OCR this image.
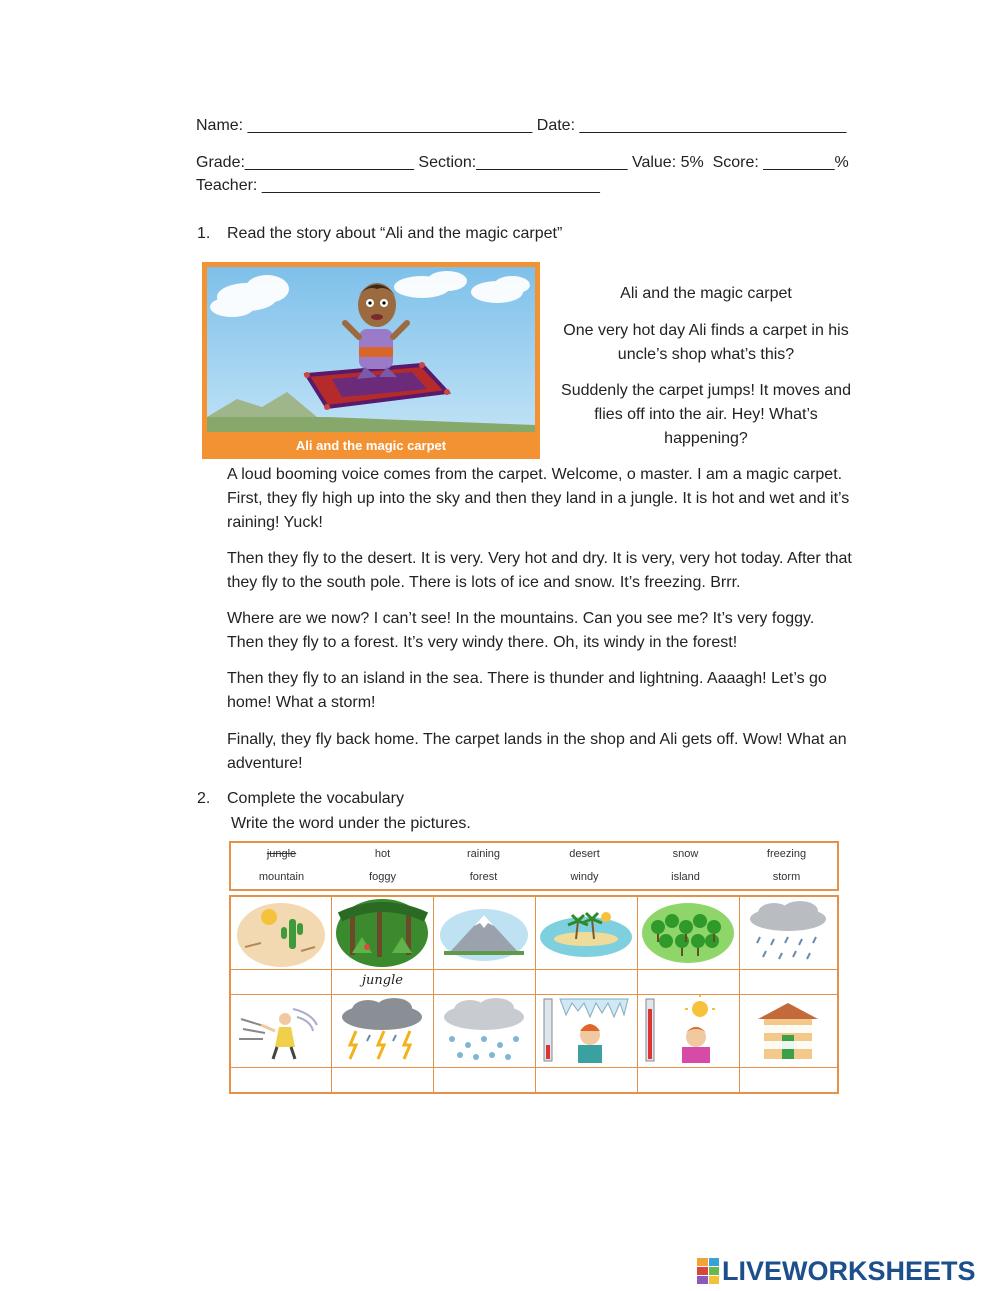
Name: ________________________________ Date: ______________________________
Grade:___________________ Section:_________________ Value: 5%  Score: ________%
Teacher: ______________________________________
1. Read the story about “Ali and the magic carpet”
Ali and the magic carpet
Ali and the magic carpet
One very hot day Ali finds a carpet in his uncle’s shop what’s this?
Suddenly the carpet jumps! It moves and flies off into the air. Hey! What’s happening?
A loud booming voice comes from the carpet. Welcome, o master. I am a magic carpet. First, they fly high up into the sky and then they land in a jungle. It is hot and wet and it’s raining! Yuck!
Then they fly to the desert. It is very. Very hot and dry. It is very, very hot today. After that they fly to the south pole. There is lots of ice and snow. It’s freezing. Brrr.
Where are we now? I can’t see! In the mountains. Can you see me? It’s very foggy. Then they fly to a forest. It’s very windy there. Oh, its windy in the forest!
Then they fly to an island in the sea. There is thunder and lightning. Aaaagh! Let’s go home! What a storm!
Finally, they fly back home. The carpet lands in the shop and Ali gets off. Wow! What an adventure!
2. Complete the vocabulary
Write the word under the pictures.
jungle	hot	raining	desert	snow	freezing
mountain	foggy	forest	windy	island	storm
jungle
LIVEWORKSHEETS
